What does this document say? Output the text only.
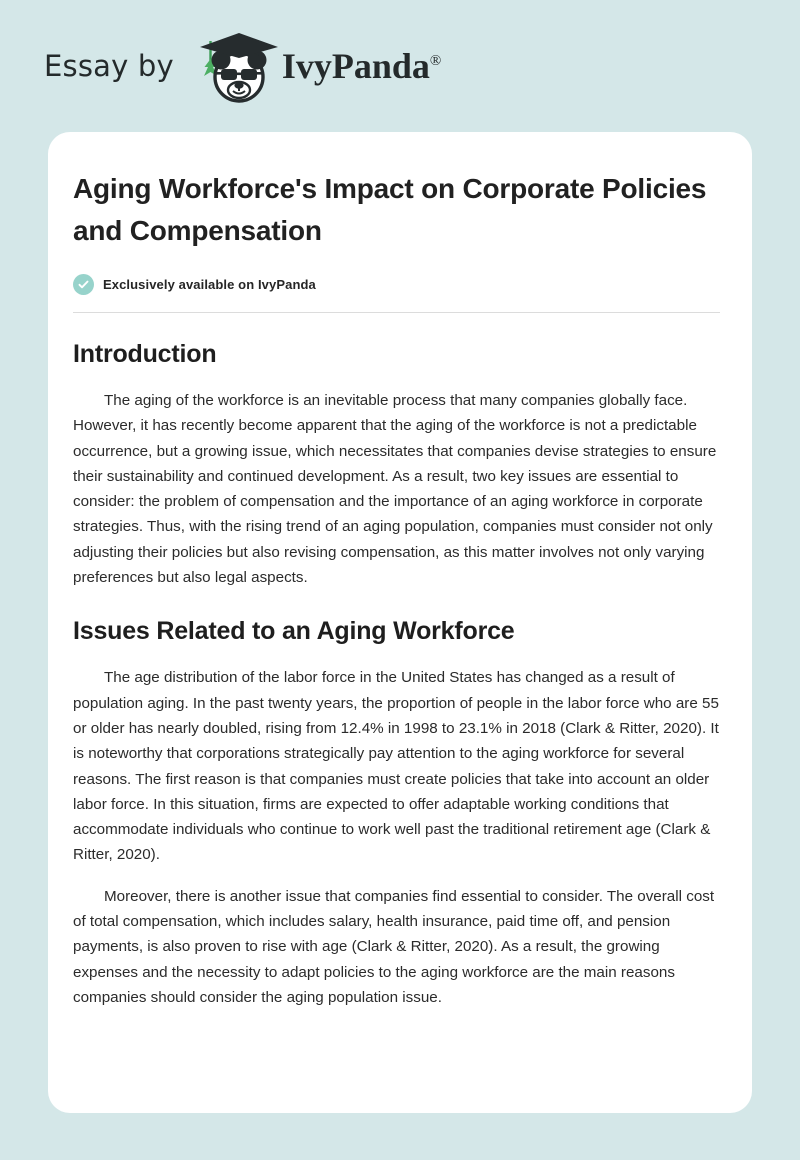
Essay by	IvyPanda®
Aging Workforce's Impact on Corporate Policies and Compensation
Exclusively available on IvyPanda
Introduction

The aging of the workforce is an inevitable process that many companies globally face. However, it has recently become apparent that the aging of the workforce is not a predictable occurrence, but a growing issue, which necessitates that companies devise strategies to ensure their sustainability and continued development. As a result, two key issues are essential to consider: the problem of compensation and the importance of an aging workforce in corporate strategies. Thus, with the rising trend of an aging population, companies must consider not only adjusting their policies but also revising compensation, as this matter involves not only varying preferences but also legal aspects.

Issues Related to an Aging Workforce

The age distribution of the labor force in the United States has changed as a result of population aging. In the past twenty years, the proportion of people in the labor force who are 55 or older has nearly doubled, rising from 12.4% in 1998 to 23.1% in 2018 (Clark & Ritter, 2020). It is noteworthy that corporations strategically pay attention to the aging workforce for several reasons. The first reason is that companies must create policies that take into account an older labor force. In this situation, firms are expected to offer adaptable working conditions that accommodate individuals who continue to work well past the traditional retirement age (Clark & Ritter, 2020).

Moreover, there is another issue that companies find essential to consider. The overall cost of total compensation, which includes salary, health insurance, paid time off, and pension payments, is also proven to rise with age (Clark & Ritter, 2020). As a result, the growing expenses and the necessity to adapt policies to the aging workforce are the main reasons companies should consider the aging population issue.
